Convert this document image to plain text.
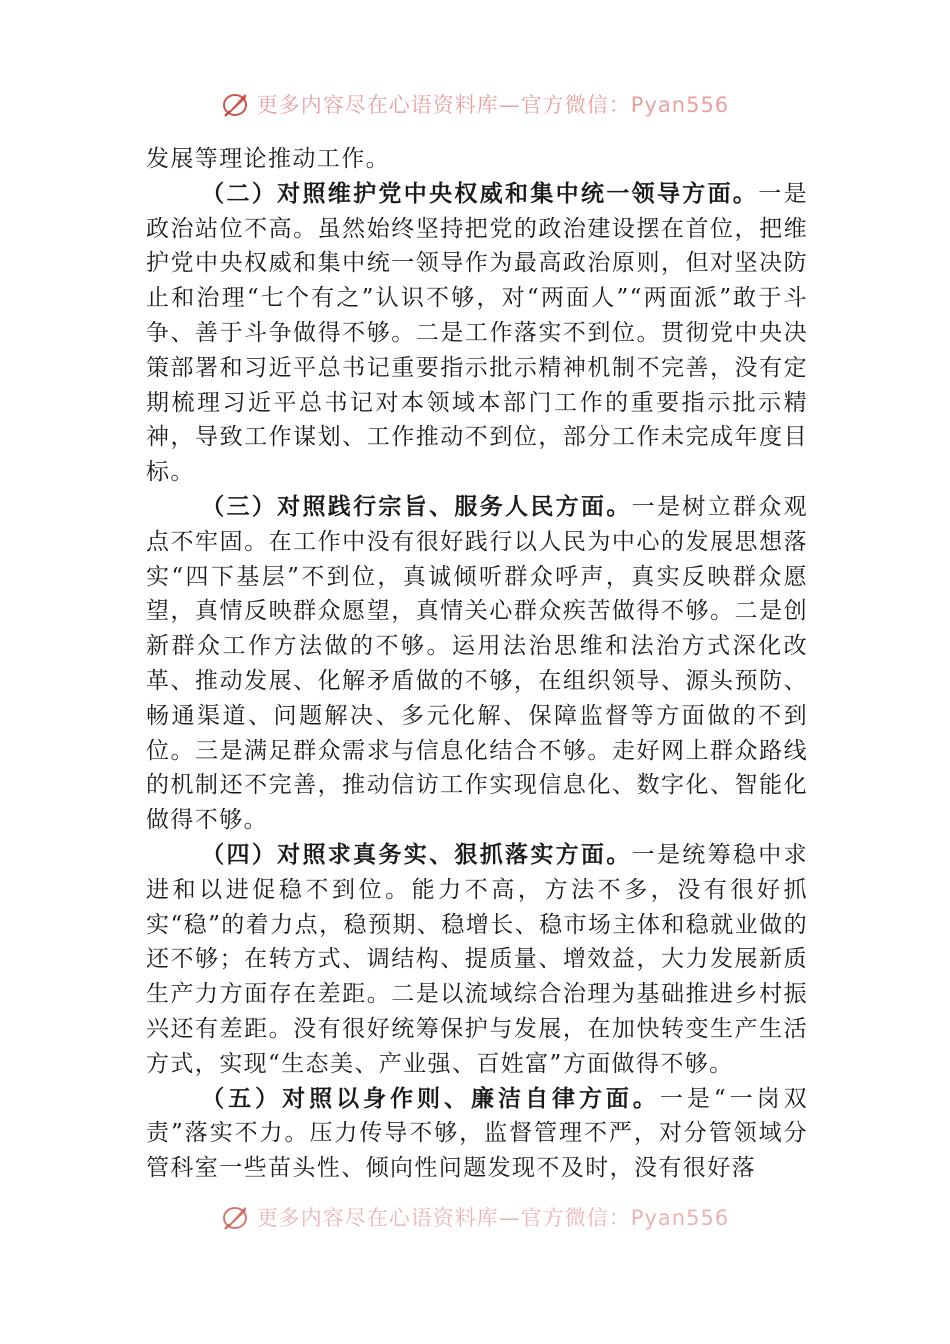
更多内容尽在心语资料库—官方微信：Pyan556

发展等理论推动工作。

（二）对照维护党中央权威和集中统一领导方面。一是政治站位不高。虽然始终坚持把党的政治建设摆在首位，把维护党中央权威和集中统一领导作为最高政治原则，但对坚决防止和治理“七个有之”认识不够，对“两面人”“两面派”敢于斗争、善于斗争做得不够。二是工作落实不到位。贯彻党中央决策部署和习近平总书记重要指示批示精神机制不完善，没有定期梳理习近平总书记对本领域本部门工作的重要指示批示精神，导致工作谋划、工作推动不到位，部分工作未完成年度目标。

（三）对照践行宗旨、服务人民方面。一是树立群众观点不牢固。在工作中没有很好践行以人民为中心的发展思想落实“四下基层”不到位，真诚倾听群众呼声，真实反映群众愿望，真情反映群众愿望，真情关心群众疾苦做得不够。二是创新群众工作方法做的不够。运用法治思维和法治方式深化改革、推动发展、化解矛盾做的不够，在组织领导、源头预防、畅通渠道、问题解决、多元化解、保障监督等方面做的不到位。三是满足群众需求与信息化结合不够。走好网上群众路线的机制还不完善，推动信访工作实现信息化、数字化、智能化做得不够。

（四）对照求真务实、狠抓落实方面。一是统筹稳中求进和以进促稳不到位。能力不高，方法不多，没有很好抓实“稳”的着力点，稳预期、稳增长、稳市场主体和稳就业做的还不够；在转方式、调结构、提质量、增效益，大力发展新质生产力方面存在差距。二是以流域综合治理为基础推进乡村振兴还有差距。没有很好统筹保护与发展，在加快转变生产生活方式，实现“生态美、产业强、百姓富”方面做得不够。

（五）对照以身作则、廉洁自律方面。一是“一岗双责”落实不力。压力传导不够，监督管理不严，对分管领域分管科室一些苗头性、倾向性问题发现不及时，没有很好落

更多内容尽在心语资料库—官方微信：Pyan556
